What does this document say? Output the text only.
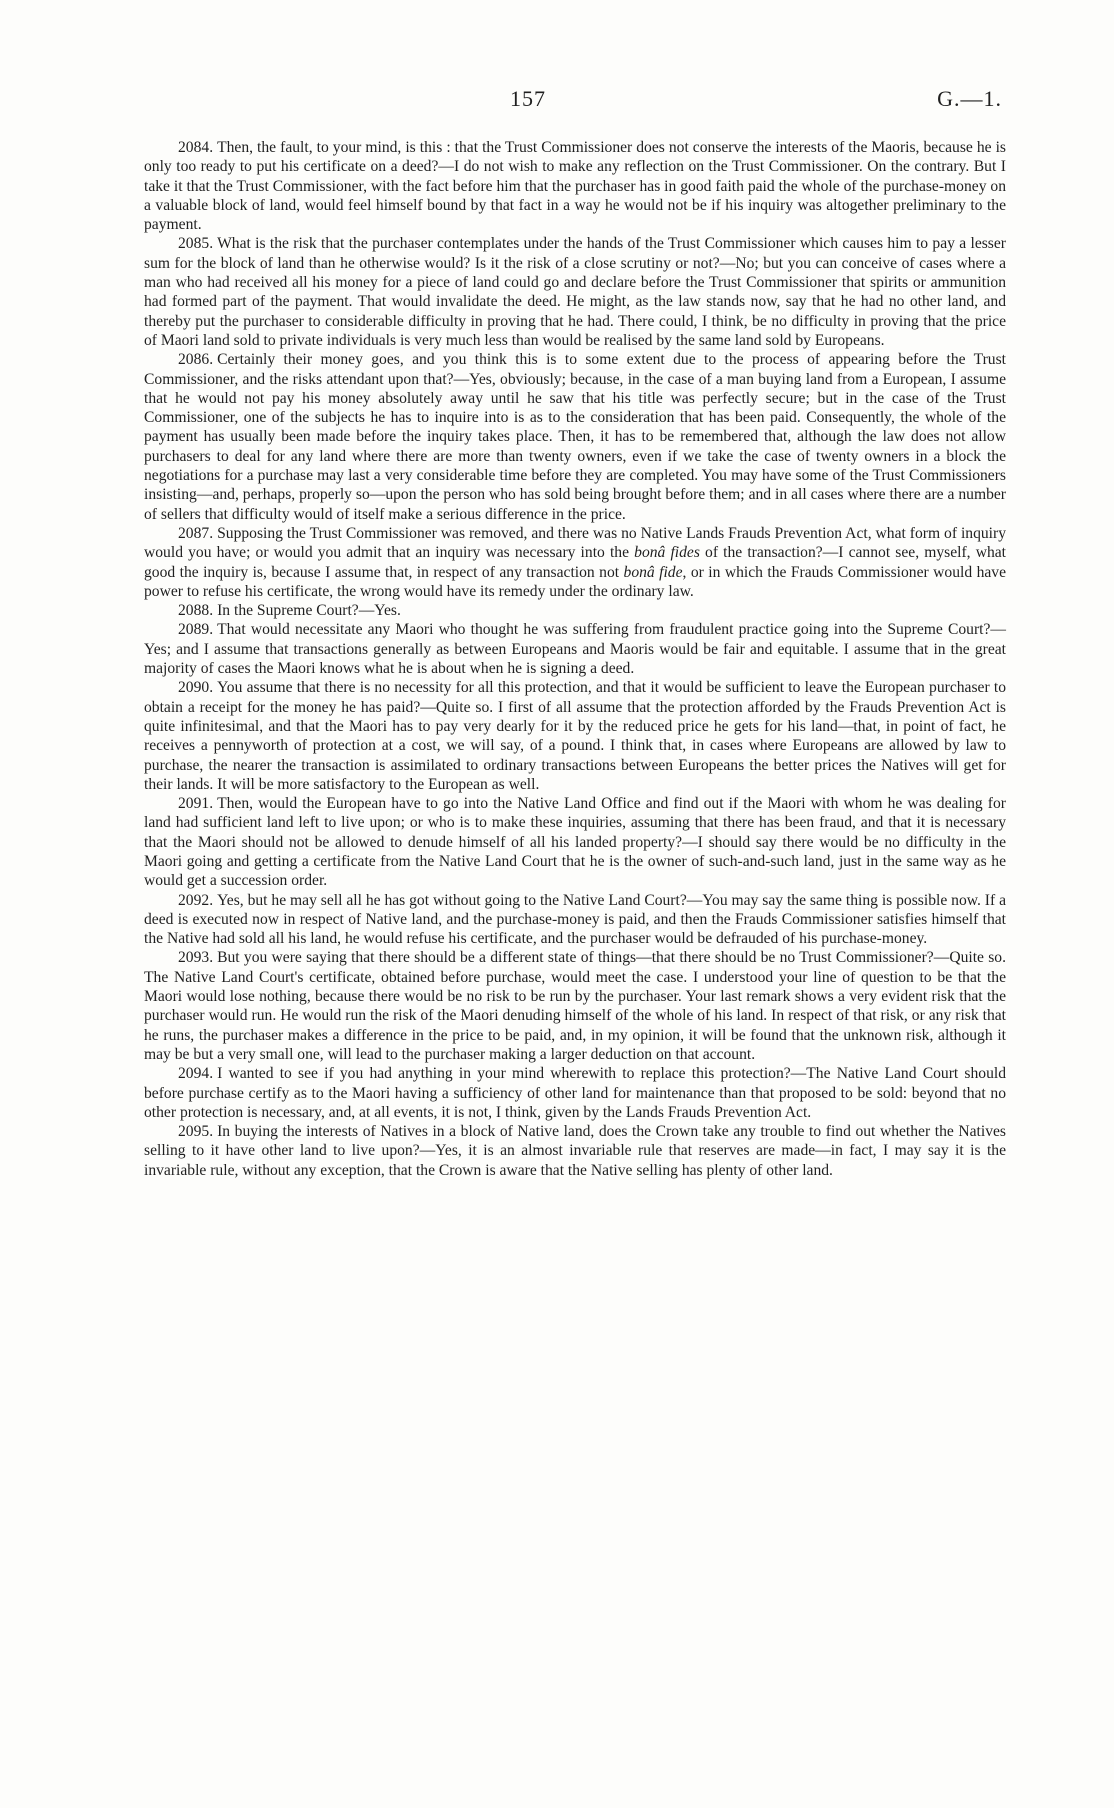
157	G.—1.

2084. Then, the fault, to your mind, is this : that the Trust Commissioner does not conserve the interests of the Maoris, because he is only too ready to put his certificate on a deed?—I do not wish to make any reflection on the Trust Commissioner. On the contrary. But I take it that the Trust Commissioner, with the fact before him that the purchaser has in good faith paid the whole of the purchase-money on a valuable block of land, would feel himself bound by that fact in a way he would not be if his inquiry was altogether preliminary to the payment.

2085. What is the risk that the purchaser contemplates under the hands of the Trust Commissioner which causes him to pay a lesser sum for the block of land than he otherwise would? Is it the risk of a close scrutiny or not?—No; but you can conceive of cases where a man who had received all his money for a piece of land could go and declare before the Trust Commissioner that spirits or ammunition had formed part of the payment. That would invalidate the deed. He might, as the law stands now, say that he had no other land, and thereby put the purchaser to considerable difficulty in proving that he had. There could, I think, be no difficulty in proving that the price of Maori land sold to private individuals is very much less than would be realised by the same land sold by Europeans.

2086. Certainly their money goes, and you think this is to some extent due to the process of appearing before the Trust Commissioner, and the risks attendant upon that?—Yes, obviously; because, in the case of a man buying land from a European, I assume that he would not pay his money absolutely away until he saw that his title was perfectly secure; but in the case of the Trust Commissioner, one of the subjects he has to inquire into is as to the consideration that has been paid. Consequently, the whole of the payment has usually been made before the inquiry takes place. Then, it has to be remembered that, although the law does not allow purchasers to deal for any land where there are more than twenty owners, even if we take the case of twenty owners in a block the negotiations for a purchase may last a very considerable time before they are completed. You may have some of the Trust Commissioners insisting—and, perhaps, properly so—upon the person who has sold being brought before them; and in all cases where there are a number of sellers that difficulty would of itself make a serious difference in the price.

2087. Supposing the Trust Commissioner was removed, and there was no Native Lands Frauds Prevention Act, what form of inquiry would you have; or would you admit that an inquiry was necessary into the bonâ fides of the transaction?—I cannot see, myself, what good the inquiry is, because I assume that, in respect of any transaction not bonâ fide, or in which the Frauds Commissioner would have power to refuse his certificate, the wrong would have its remedy under the ordinary law.

2088. In the Supreme Court?—Yes.

2089. That would necessitate any Maori who thought he was suffering from fraudulent practice going into the Supreme Court?—Yes; and I assume that transactions generally as between Europeans and Maoris would be fair and equitable. I assume that in the great majority of cases the Maori knows what he is about when he is signing a deed.

2090. You assume that there is no necessity for all this protection, and that it would be sufficient to leave the European purchaser to obtain a receipt for the money he has paid?—Quite so. I first of all assume that the protection afforded by the Frauds Prevention Act is quite infinitesimal, and that the Maori has to pay very dearly for it by the reduced price he gets for his land—that, in point of fact, he receives a pennyworth of protection at a cost, we will say, of a pound. I think that, in cases where Europeans are allowed by law to purchase, the nearer the transaction is assimilated to ordinary transactions between Europeans the better prices the Natives will get for their lands. It will be more satisfactory to the European as well.

2091. Then, would the European have to go into the Native Land Office and find out if the Maori with whom he was dealing for land had sufficient land left to live upon; or who is to make these inquiries, assuming that there has been fraud, and that it is necessary that the Maori should not be allowed to denude himself of all his landed property?—I should say there would be no difficulty in the Maori going and getting a certificate from the Native Land Court that he is the owner of such-and-such land, just in the same way as he would get a succession order.

2092. Yes, but he may sell all he has got without going to the Native Land Court?—You may say the same thing is possible now. If a deed is executed now in respect of Native land, and the purchase-money is paid, and then the Frauds Commissioner satisfies himself that the Native had sold all his land, he would refuse his certificate, and the purchaser would be defrauded of his purchase-money.

2093. But you were saying that there should be a different state of things—that there should be no Trust Commissioner?—Quite so. The Native Land Court's certificate, obtained before purchase, would meet the case. I understood your line of question to be that the Maori would lose nothing, because there would be no risk to be run by the purchaser. Your last remark shows a very evident risk that the purchaser would run. He would run the risk of the Maori denuding himself of the whole of his land. In respect of that risk, or any risk that he runs, the purchaser makes a difference in the price to be paid, and, in my opinion, it will be found that the unknown risk, although it may be but a very small one, will lead to the purchaser making a larger deduction on that account.

2094. I wanted to see if you had anything in your mind wherewith to replace this protection?—The Native Land Court should before purchase certify as to the Maori having a sufficiency of other land for maintenance than that proposed to be sold: beyond that no other protection is necessary, and, at all events, it is not, I think, given by the Lands Frauds Prevention Act.

2095. In buying the interests of Natives in a block of Native land, does the Crown take any trouble to find out whether the Natives selling to it have other land to live upon?—Yes, it is an almost invariable rule that reserves are made—in fact, I may say it is the invariable rule, without any exception, that the Crown is aware that the Native selling has plenty of other land.
